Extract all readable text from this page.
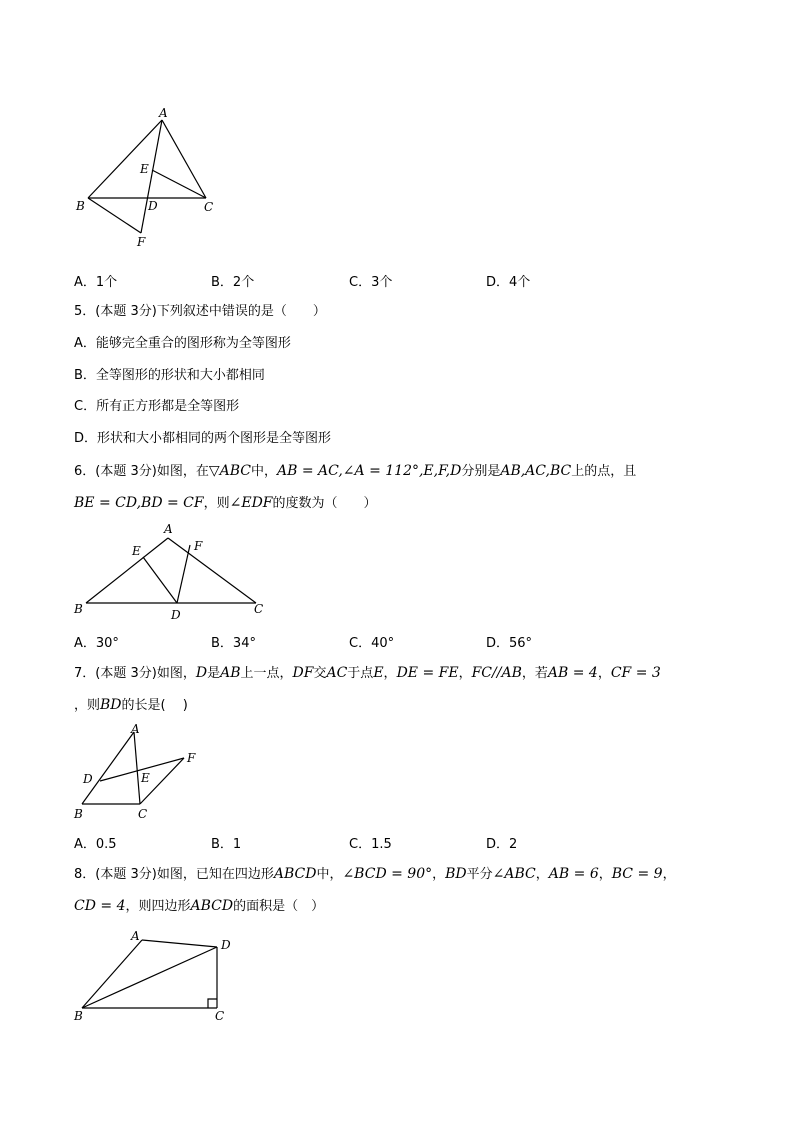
A
E
B	D	C
F
A．1个	B．2个	C．3个	D．4个
5．(本题 3分)下列叙述中错误的是（　　）
A．能够完全重合的图形称为全等图形
B．全等图形的形状和大小都相同
C．所有正方形都是全等图形
D．形状和大小都相同的两个图形是全等图形
6．(本题 3分)如图，在▽ABC中，AB = AC,∠A = 112°,E,F,D分别是AB,AC,BC上的点，且
BE = CD,BD = CF，则∠EDF的度数为（　　）
A
E	F
B	D	C
A．30°	B．34°	C．40°	D．56°
7．(本题 3分)如图，D是AB上一点，DF交AC于点E，DE = FE，FC//AB，若AB = 4，CF = 3
，则BD的长是(　 )
A
F
D	E
B	C
A．0.5	B．1	C．1.5	D．2
8．(本题 3分)如图，已知在四边形ABCD中，∠BCD = 90°，BD平分∠ABC，AB = 6，BC = 9，
CD = 4，则四边形ABCD的面积是（　）
A
D
B	C
